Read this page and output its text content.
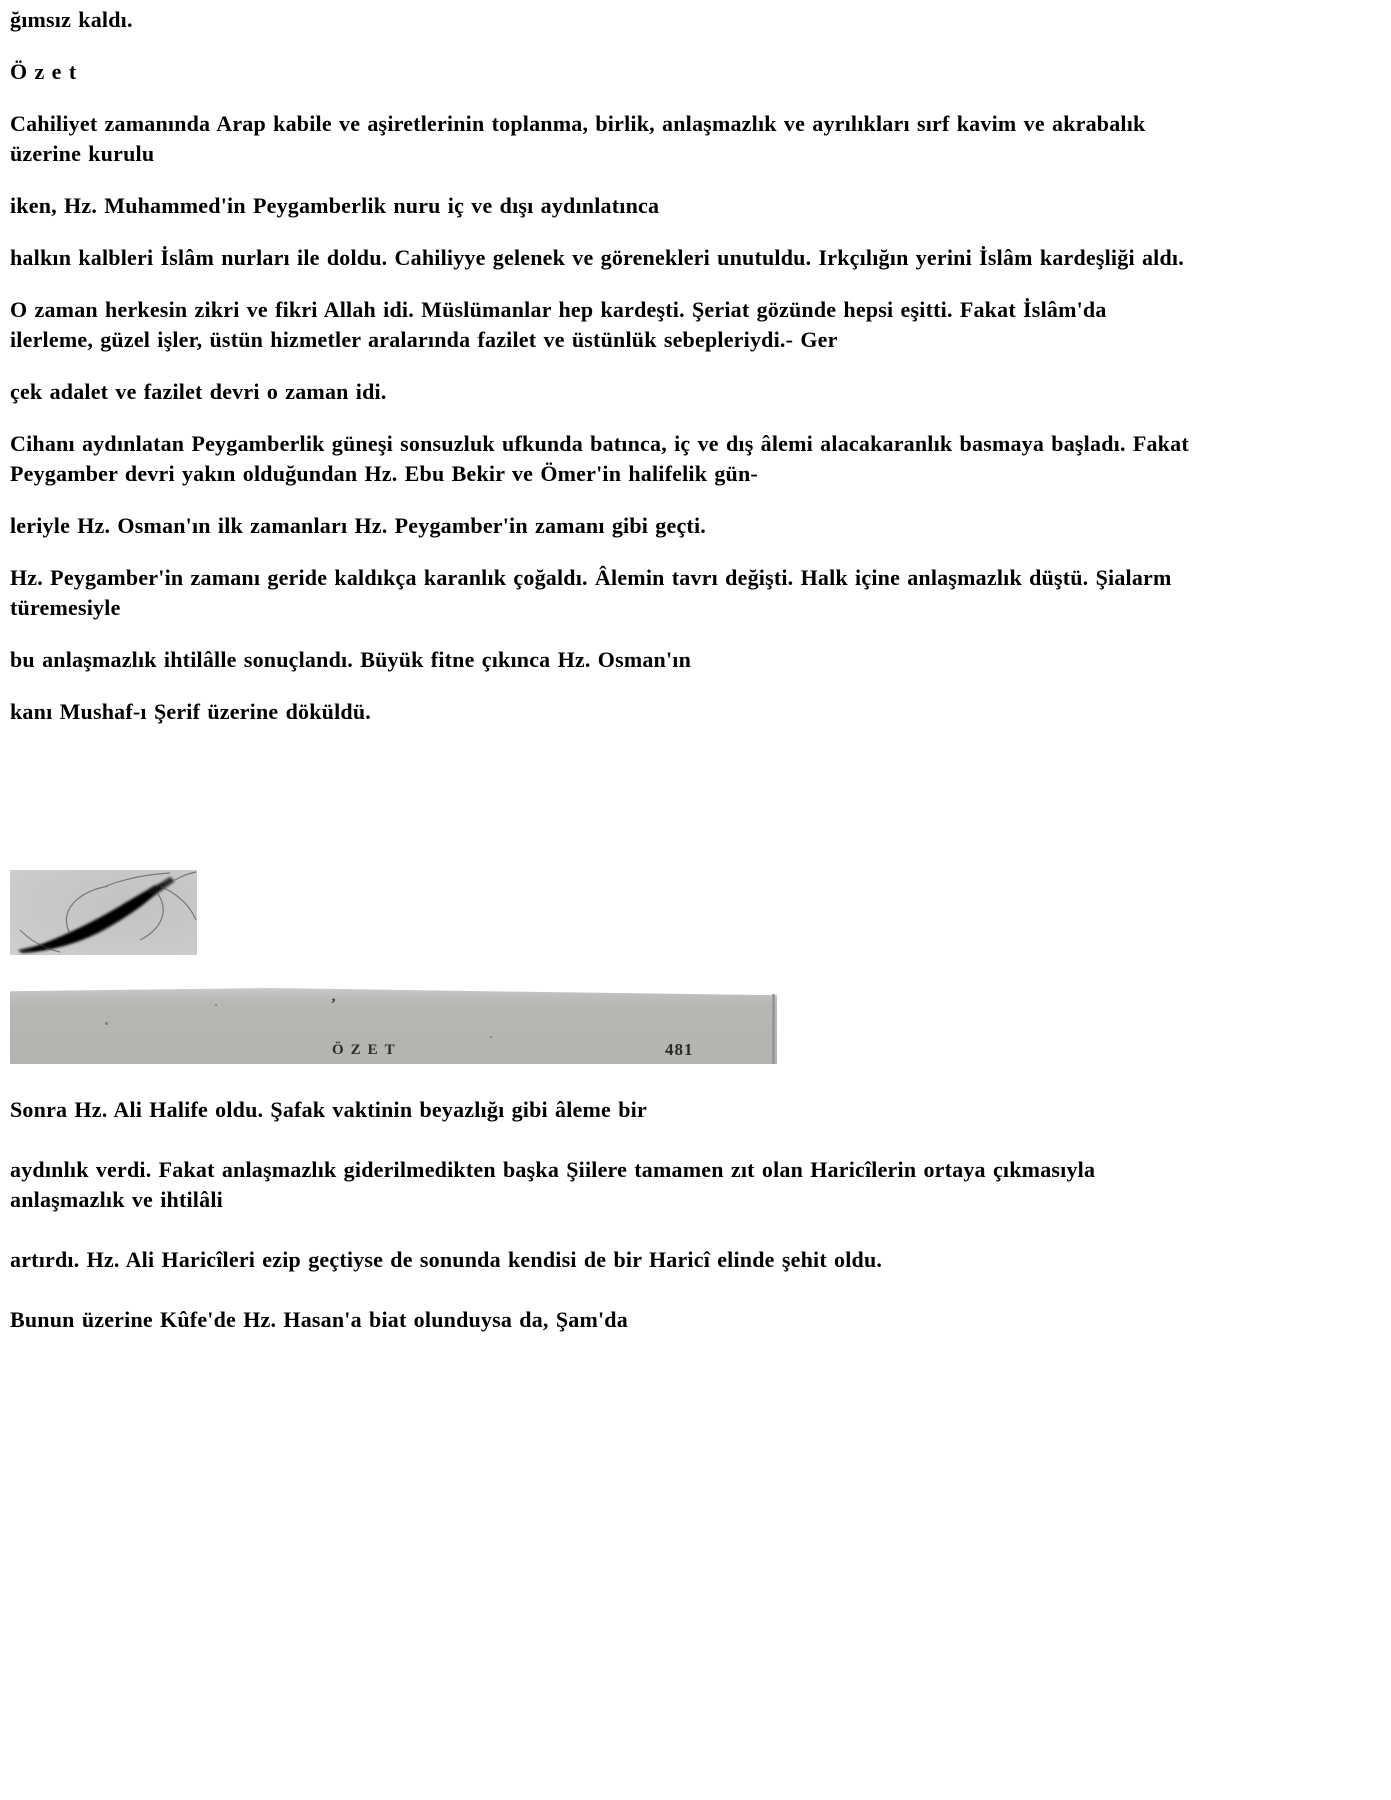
ğımsız kaldı.

Ö z e t

Cahiliyet zamanında Arap kabile ve aşiretlerinin toplanma, birlik, anlaşmazlık ve ayrılıkları sırf kavim ve akrabalık
üzerine kurulu

iken, Hz. Muhammed'in Peygamberlik nuru iç ve dışı aydınlatınca

halkın kalbleri İslâm nurları ile doldu. Cahiliyye gelenek ve görenekleri unutuldu. Irkçılığın yerini İslâm kardeşliği aldı.

O zaman herkesin zikri ve fikri Allah idi. Müslümanlar hep kardeşti. Şeriat gözünde hepsi eşitti. Fakat İslâm'da
ilerleme, güzel işler, üstün hizmetler aralarında fazilet ve üstünlük sebepleriydi.- Ger

çek adalet ve fazilet devri o zaman idi.

Cihanı aydınlatan Peygamberlik güneşi sonsuzluk ufkunda batınca, iç ve dış âlemi alacakaranlık basmaya başladı. Fakat
Peygamber devri yakın olduğundan Hz. Ebu Bekir ve Ömer'in halifelik gün-

leriyle Hz. Osman'ın ilk zamanları Hz. Peygamber'in zamanı gibi geçti.

Hz. Peygamber'in zamanı geride kaldıkça karanlık çoğaldı. Âlemin tavrı değişti. Halk içine anlaşmazlık düştü. Şialarm
türemesiyle

bu anlaşmazlık ihtilâlle sonuçlandı. Büyük fitne çıkınca Hz. Osman'ın

kanı Mushaf-ı Şerif üzerine döküldü.

’
ÖZET	481

Sonra Hz. Ali Halife oldu. Şafak vaktinin beyazlığı gibi âleme bir

aydınlık verdi. Fakat anlaşmazlık giderilmedikten başka Şiilere tamamen zıt olan Haricîlerin ortaya çıkmasıyla
anlaşmazlık ve ihtilâli

artırdı. Hz. Ali Haricîleri ezip geçtiyse de sonunda kendisi de bir Haricî elinde şehit oldu.

Bunun üzerine Kûfe'de Hz. Hasan'a biat olunduysa da, Şam'da
